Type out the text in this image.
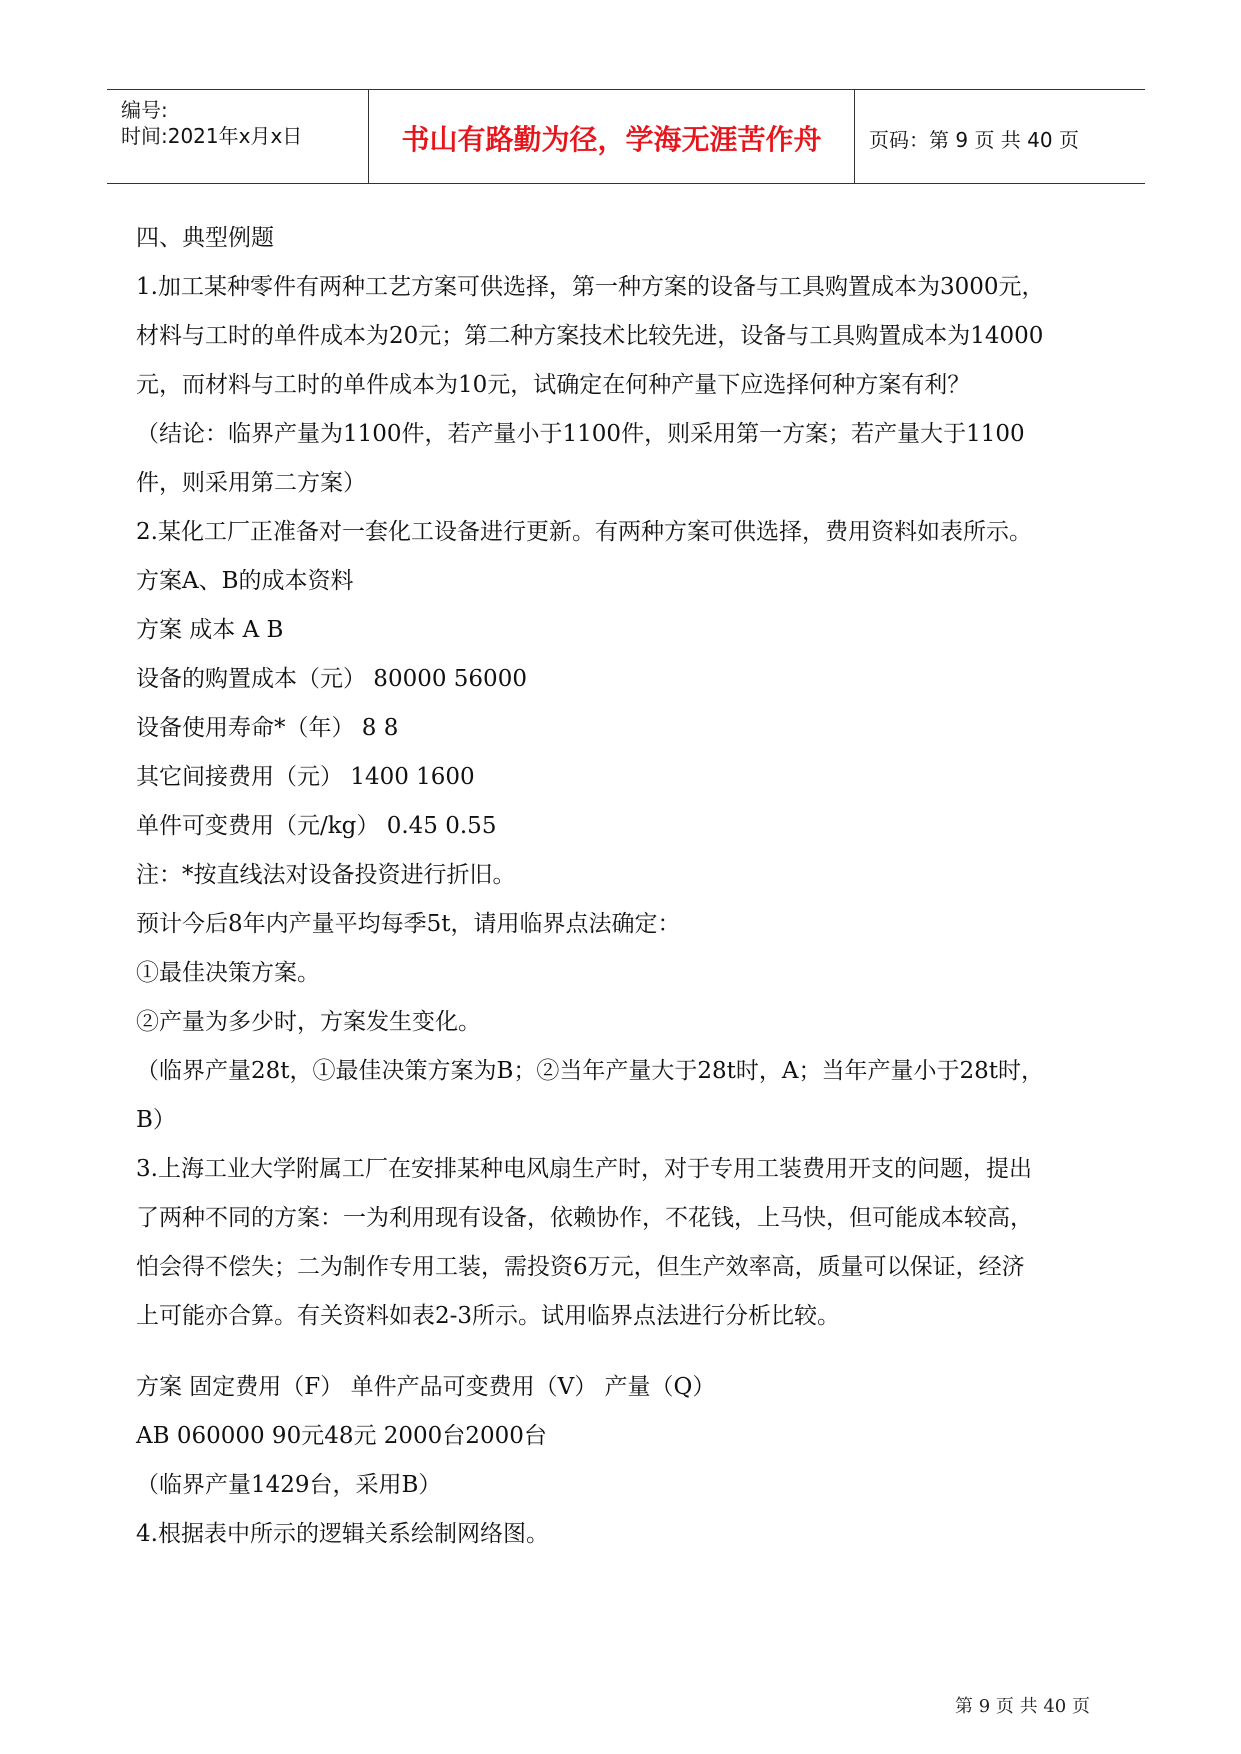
编号:
时间:2021年x月x日	书山有路勤为径，学海无涯苦作舟	页码：第 9 页 共 40 页

四、典型例题

1.加工某种零件有两种工艺方案可供选择，第一种方案的设备与工具购置成本为3000元，

材料与工时的单件成本为20元；第二种方案技术比较先进，设备与工具购置成本为14000

元，而材料与工时的单件成本为10元，试确定在何种产量下应选择何种方案有利？

（结论：临界产量为1100件，若产量小于1100件，则采用第一方案；若产量大于1100

件，则采用第二方案）

2.某化工厂正准备对一套化工设备进行更新。有两种方案可供选择，费用资料如表所示。

方案A、B的成本资料

方案 成本 A B

设备的购置成本（元） 80000 56000

设备使用寿命*（年） 8 8

其它间接费用（元） 1400 1600

单件可变费用（元/kg） 0.45 0.55

注：*按直线法对设备投资进行折旧。

预计今后8年内产量平均每季5t，请用临界点法确定：

①最佳决策方案。

②产量为多少时，方案发生变化。

（临界产量28t，①最佳决策方案为B；②当年产量大于28t时，A；当年产量小于28t时，

B）

3.上海工业大学附属工厂在安排某种电风扇生产时，对于专用工装费用开支的问题，提出

了两种不同的方案：一为利用现有设备，依赖协作，不花钱，上马快，但可能成本较高，

怕会得不偿失；二为制作专用工装，需投资6万元，但生产效率高，质量可以保证，经济

上可能亦合算。有关资料如表2-3所示。试用临界点法进行分析比较。

方案 固定费用（F） 单件产品可变费用（V） 产量（Q）

AB 060000 90元48元 2000台2000台

（临界产量1429台，采用B）

4.根据表中所示的逻辑关系绘制网络图。

第 9 页 共 40 页
